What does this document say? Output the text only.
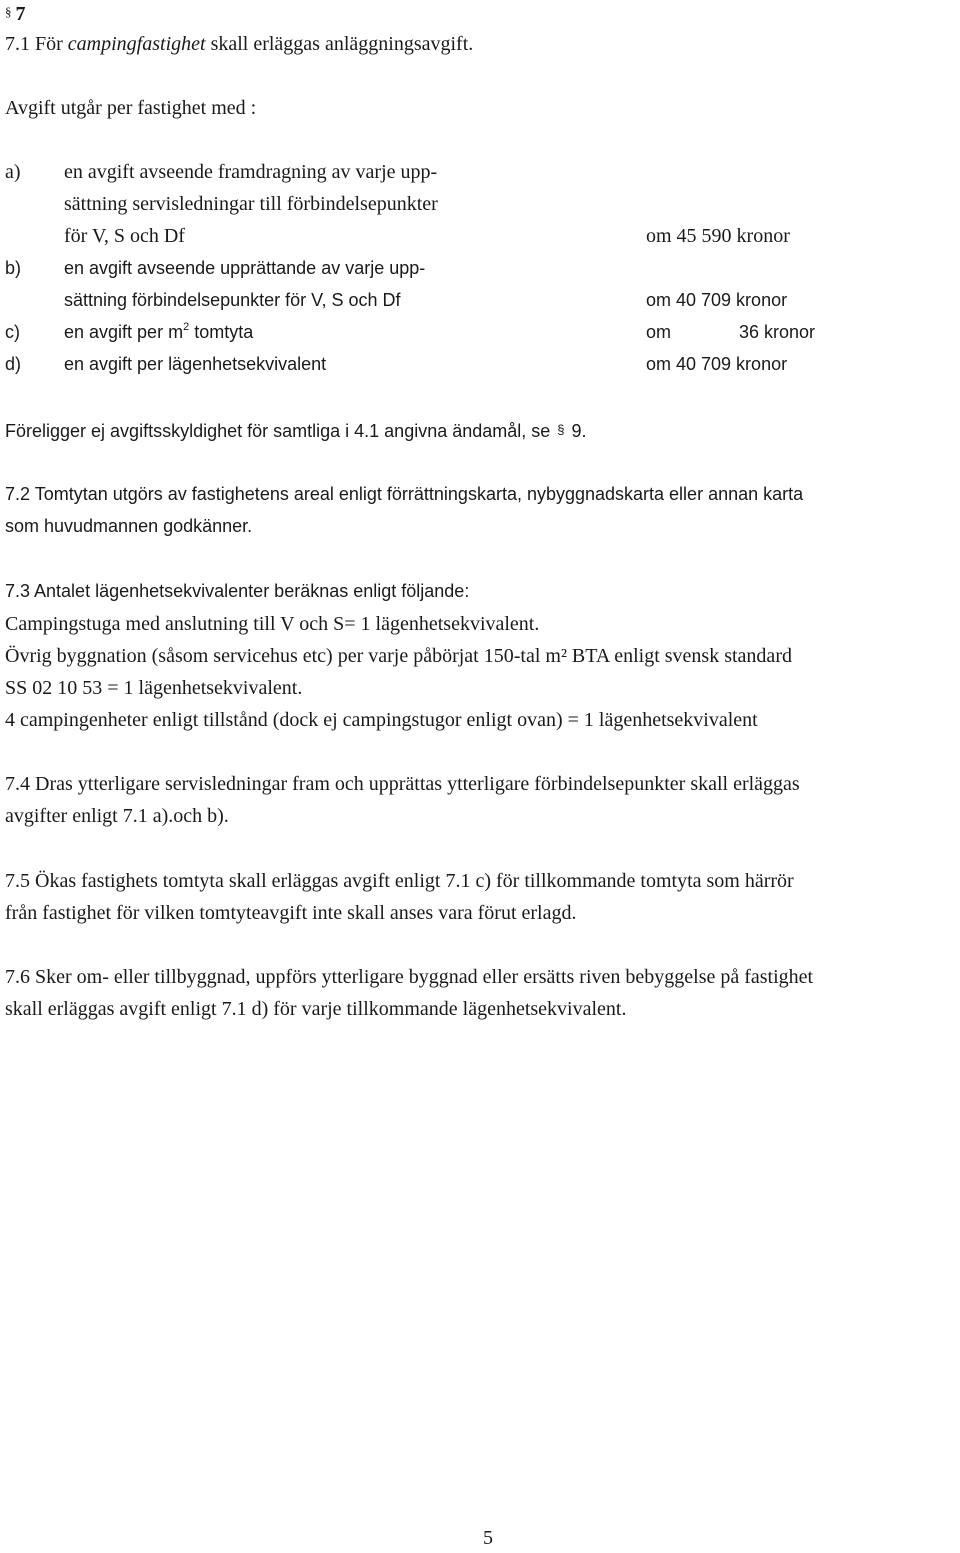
§ 7
7.1 För campingfastighet skall erläggas anläggningsavgift.
Avgift utgår per fastighet med :
a) en avgift avseende framdragning av varje upp-
sättning servisledningar till förbindelsepunkter
för V, S och Df	om 45 590 kronor
b) en avgift avseende upprättande av varje upp-
sättning förbindelsepunkter för V, S och Df	om 40 709 kronor
c) en avgift per $m^2$ tomtyta	om	36 kronor
d) en avgift per lägenhetsekvivalent	om 40 709 kronor
Föreligger ej avgiftsskyldighet för samtliga i 4.1 angivna ändamål, se § 9.
7.2 Tomtytan utgörs av fastighetens areal enligt förrättningskarta, nybyggnadskarta eller annan karta
som huvudmannen godkänner.
7.3 Antalet lägenhetsekvivalenter beräknas enligt följande:
Campingstuga med anslutning till V och S= 1 lägenhetsekvivalent.
Övrig byggnation (såsom servicehus etc) per varje påbörjat 150-tal m² BTA enligt svensk standard
SS 02 10 53 = 1 lägenhetsekvivalent.
4 campingenheter enligt tillstånd (dock ej campingstugor enligt ovan) = 1 lägenhetsekvivalent
7.4 Dras ytterligare servisledningar fram och upprättas ytterligare förbindelsepunkter skall erläggas
avgifter enligt 7.1 a).och b).
7.5 Ökas fastighets tomtyta skall erläggas avgift enligt 7.1 c) för tillkommande tomtyta som härrör
från fastighet för vilken tomtyteavgift inte skall anses vara förut erlagd.
7.6 Sker om- eller tillbyggnad, uppförs ytterligare byggnad eller ersätts riven bebyggelse på fastighet
skall erläggas avgift enligt 7.1 d) för varje tillkommande lägenhetsekvivalent.
5
